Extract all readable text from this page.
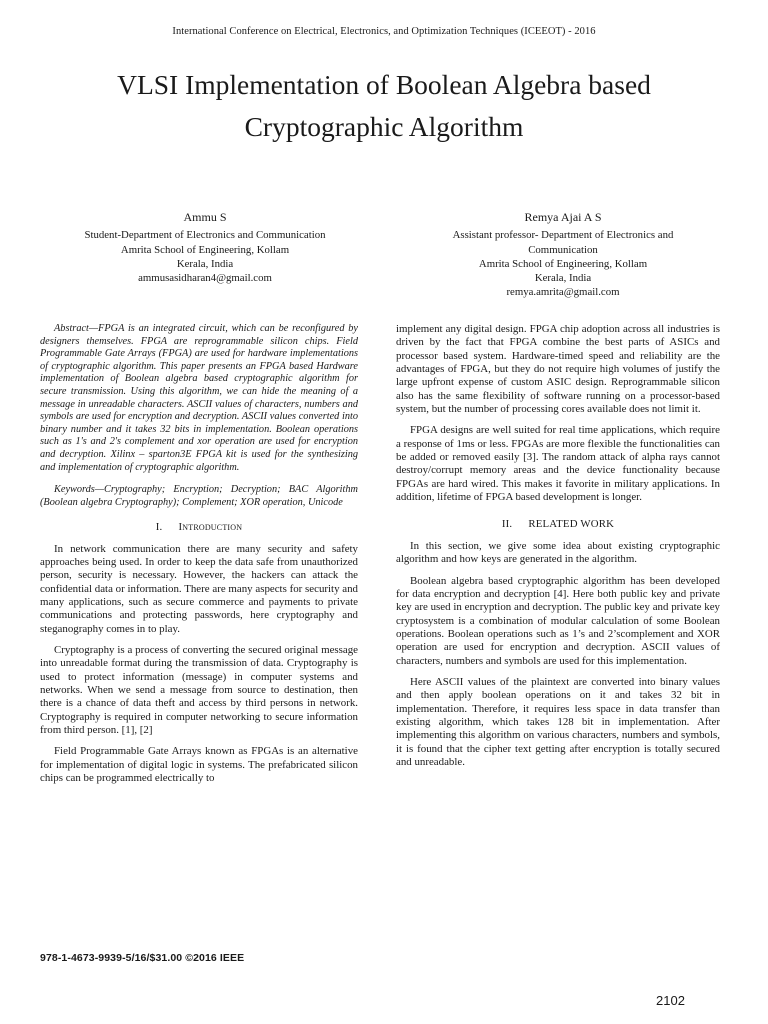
International Conference on Electrical, Electronics, and Optimization Techniques (ICEEOT) - 2016
VLSI Implementation of Boolean Algebra based
Cryptographic Algorithm
Ammu S
Student-Department of Electronics and Communication
Amrita School of Engineering, Kollam
Kerala, India
ammusasidharan4@gmail.com
Remya Ajai A S
Assistant professor- Department of Electronics and
Communication
Amrita School of Engineering, Kollam
Kerala, India
remya.amrita@gmail.com

Abstract—FPGA is an integrated circuit, which can be reconfigured by designers themselves. FPGA are reprogrammable silicon chips. Field Programmable Gate Arrays (FPGA) are used for hardware implementations of cryptographic algorithm. This paper presents an FPGA based Hardware implementation of Boolean algebra based cryptographic algorithm for secure transmission. Using this algorithm, we can hide the meaning of a message in unreadable characters. ASCII values of characters, numbers and symbols are used for encryption and decryption. ASCII values converted into binary number and it takes 32 bits in implementation. Boolean operations such as 1's and 2's complement and xor operation are used for encryption and decryption. Xilinx – sparton3E FPGA kit is used for the synthesizing and implementation of cryptographic algorithm.

Keywords—Cryptography; Encryption; Decryption; BAC Algorithm (Boolean algebra Cryptography); Complement; XOR operation, Unicode

I. Introduction

In network communication there are many security and safety approaches being used. In order to keep the data safe from unauthorized person, security is necessary. However, the hackers can attack the confidential data or information. There are many aspects for security and many applications, such as secure commerce and payments to private communications and protecting passwords, here cryptography and steganography comes in to play.

Cryptography is a process of converting the secured original message into unreadable format during the transmission of data. Cryptography is used to protect information (message) in computer systems and networks. When we send a message from source to destination, then there is a chance of data theft and access by third persons in network. Cryptography is required in computer networking to secure information from third person. [1], [2]

Field Programmable Gate Arrays known as FPGAs is an alternative for implementation of digital logic in systems. The prefabricated silicon chips can be programmed electrically to

implement any digital design. FPGA chip adoption across all industries is driven by the fact that FPGA combine the best parts of ASICs and processor based system. Hardware-timed speed and reliability are the advantages of FPGA, but they do not require high volumes of justify the large upfront expense of custom ASIC design. Reprogrammable silicon also has the same flexibility of software running on a processor-based system, but the number of processing cores available does not limit it.

FPGA designs are well suited for real time applications, which require a response of 1ms or less. FPGAs are more flexible the functionalities can be added or removed easily [3]. The random attack of alpha rays cannot destroy/corrupt memory areas and the device functionality because FPGAs are hard wired. This makes it favorite in military applications. In addition, lifetime of FPGA based development is longer.

II. RELATED WORK

In this section, we give some idea about existing cryptographic algorithm and how keys are generated in the algorithm.

Boolean algebra based cryptographic algorithm has been developed for data encryption and decryption [4]. Here both public key and private key are used in encryption and decryption. The public key and private key cryptosystem is a combination of modular calculation of some Boolean operations. Boolean operations such as 1’s and 2’scomplement and XOR operation are used for encryption and decryption. ASCII values of characters, numbers and symbols are used for this implementation.

Here ASCII values of the plaintext are converted into binary values and then apply boolean operations on it and takes 32 bit in implementation. Therefore, it requires less space in data transfer than existing algorithm, which takes 128 bit in implementation. After implementing this algorithm on various characters, numbers and symbols, it is found that the cipher text getting after encryption is totally secured and unreadable.

978-1-4673-9939-5/16/$31.00 ©2016 IEEE
2102
